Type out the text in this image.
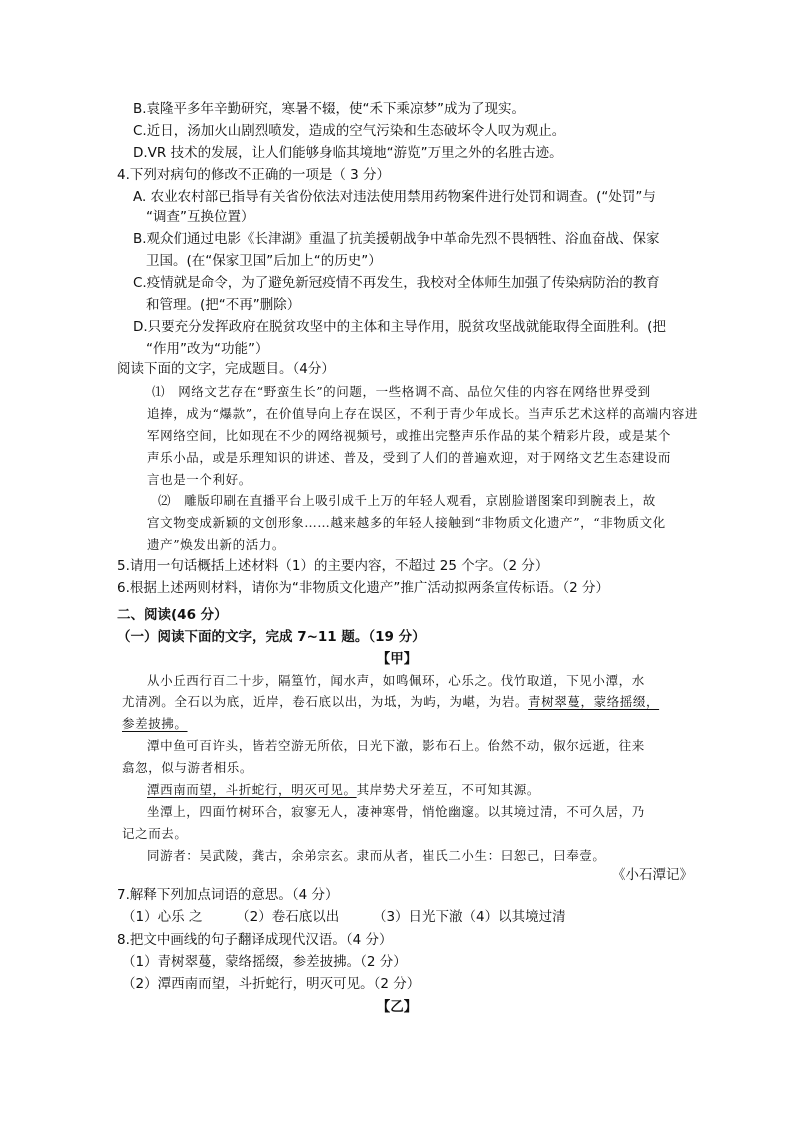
B.袁隆平多年辛勤研究，寒暑不辍，使“禾下乘凉梦”成为了现实。
C.近日，汤加火山剧烈喷发，造成的空气污染和生态破坏令人叹为观止。
D.VR 技术的发展，让人们能够身临其境地“游览”万里之外的名胜古迹。
4.下列对病句的修改不正确的一项是（ 3 分）
A. 农业农村部已指导有关省份依法对违法使用禁用药物案件进行处罚和调查。(“处罚”与
“调查”互换位置）
B.观众们通过电影《长津湖》重温了抗美援朝战争中革命先烈不畏牺牲、浴血奋战、保家
卫国。(在“保家卫国”后加上“的历史”）
C.疫情就是命令，为了避免新冠疫情不再发生，我校对全体师生加强了传染病防治的教育
和管理。(把“不再”删除）
D.只要充分发挥政府在脱贫攻坚中的主体和主导作用，脱贫攻坚战就能取得全面胜利。(把
“作用”改为“功能”）
阅读下面的文字，完成题目。（4分）
⑴　网络文艺存在“野蛮生长”的问题，一些格调不高、品位欠佳的内容在网络世界受到
追捧，成为“爆款”，在价值导向上存在误区，不利于青少年成长。当声乐艺术这样的高端内容进
军网络空间，比如现在不少的网络视频号，或推出完整声乐作品的某个精彩片段，或是某个
声乐小品，或是乐理知识的讲述、普及，受到了人们的普遍欢迎，对于网络文艺生态建设而
言也是一个利好。
⑵　雕版印刷在直播平台上吸引成千上万的年轻人观看，京剧脸谱图案印到腕表上，故
宫文物变成新颖的文创形象……越来越多的年轻人接触到“非物质文化遗产”，“非物质文化
遗产”焕发出新的活力。
5.请用一句话概括上述材料（1）的主要内容，不超过 25 个字。（2 分）
6.根据上述两则材料，请你为“非物质文化遗产”推广活动拟两条宣传标语。（2 分）
二、阅读(46 分）
（一）阅读下面的文字，完成 7~11 题。（19 分）
【甲】
从小丘西行百二十步，隔篁竹，闻水声，如鸣佩环，心乐之。伐竹取道，下见小潭，水
尤清冽。全石以为底，近岸，卷石底以出，为坻，为屿，为嵁，为岩。青树翠蔓，蒙络摇缀，
参差披拂。
潭中鱼可百许头，皆若空游无所依，日光下澈，影布石上。佁然不动，俶尔远逝，往来
翕忽，似与游者相乐。
潭西南而望，斗折蛇行，明灭可见。其岸势犬牙差互，不可知其源。
坐潭上，四面竹树环合，寂寥无人，凄神寒骨，悄怆幽邃。以其境过清，不可久居，乃
记之而去。
同游者：吴武陵，龚古，余弟宗玄。隶而从者，崔氏二小生：曰恕己，曰奉壹。
《小石潭记》
7.解释下列加点词语的意思。（4 分）
（1）心乐 之　　　（2）卷石底以出　　　（3）日光下澈（4）以其境过清
8.把文中画线的句子翻译成现代汉语。（4 分）
（1）青树翠蔓，蒙络摇缀，参差披拂。（2 分）
（2）潭西南而望，斗折蛇行，明灭可见。（2 分）
【乙】
